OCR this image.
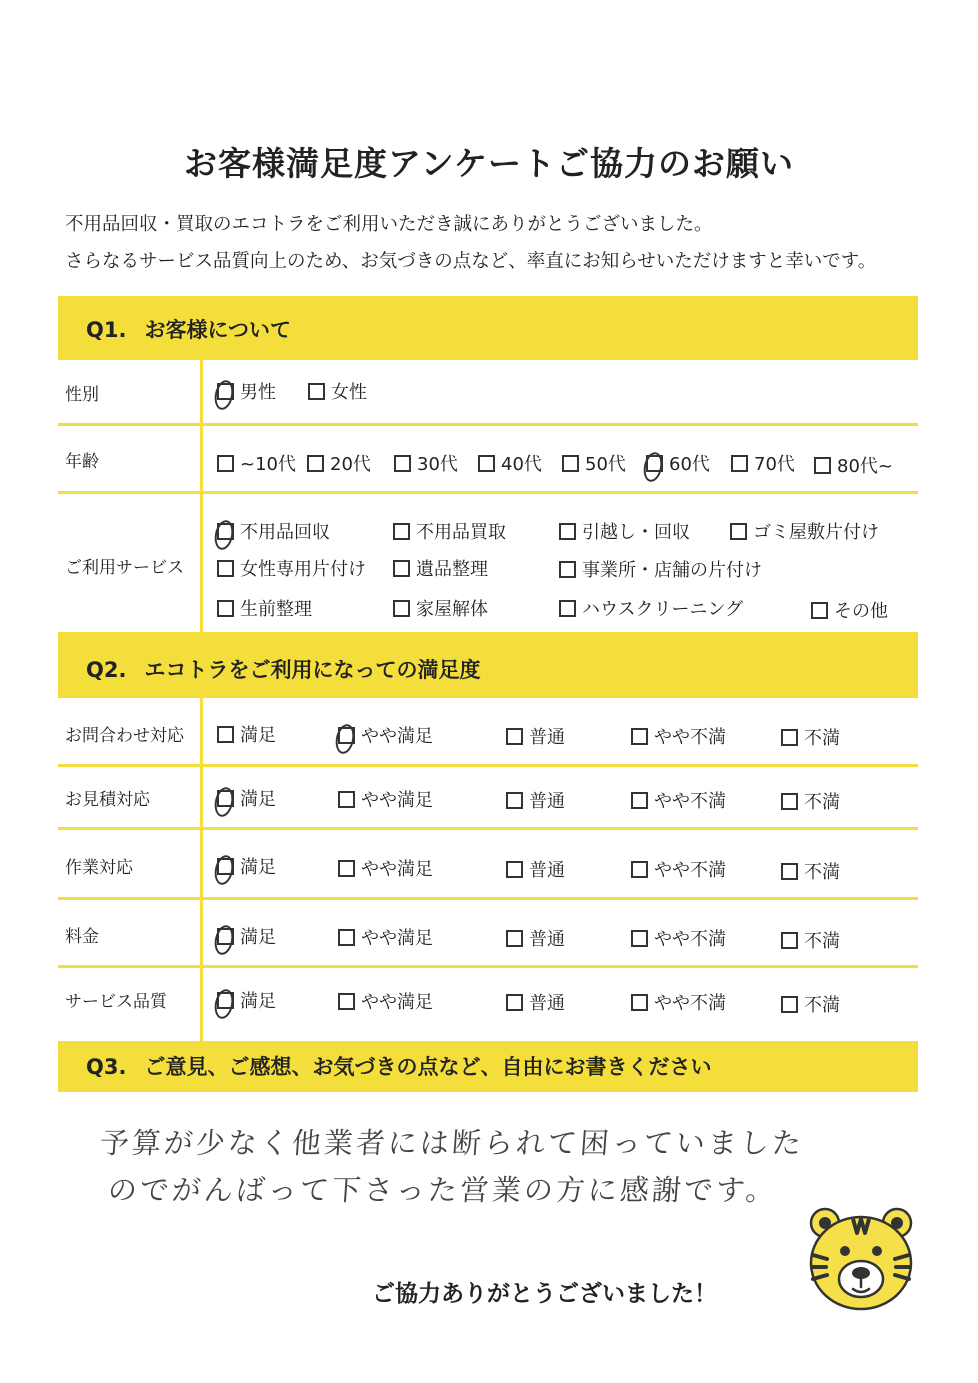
お客様満足度アンケートご協力のお願い
不用品回収・買取のエコトラをご利用いただき誠にありがとうございました。
さらなるサービス品質向上のため、お気づきの点など、率直にお知らせいただけますと幸いです。
Q1. お客様について
性別	男性	女性
年齢	~10代 20代	30代 40代 50代 60代 70代 80代~
ご利用サービス
不用品回収	不用品買取	引越し・回収	ゴミ屋敷片付け
女性専用片付け	遺品整理	事業所・店舗の片付け
生前整理	家屋解体	ハウスクリーニング	その他
Q2. エコトラをご利用になっての満足度
お問合わせ対応	満足	やや満足	普通	やや不満	不満
お見積対応	満足	やや満足	普通	やや不満	不満
作業対応	満足	やや満足	普通	やや不満	不満
料金	満足	やや満足	普通	やや不満	不満
サービス品質	満足	やや満足	普通	やや不満	不満
Q3. ご意見、ご感想、お気づきの点など、自由にお書きください
予算が少なく他業者には断られて困っていました
のでがんばって下さった営業の方に感謝です。
ご協力ありがとうございました！
